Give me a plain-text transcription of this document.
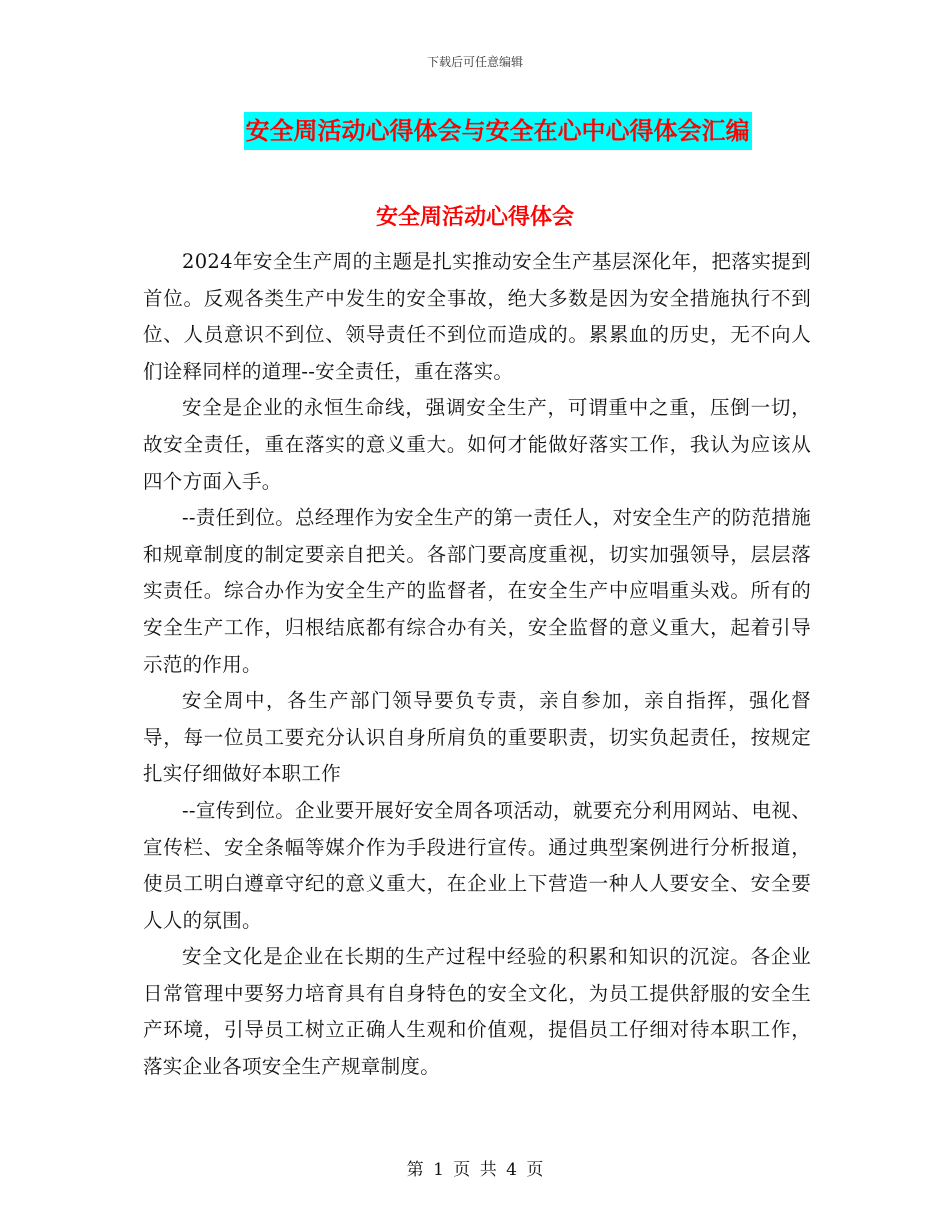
下载后可任意编辑
安全周活动心得体会与安全在心中心得体会汇编
安全周活动心得体会

2024年安全生产周的主题是扎实推动安全生产基层深化年，把落实提到首位。反观各类生产中发生的安全事故，绝大多数是因为安全措施执行不到位、人员意识不到位、领导责任不到位而造成的。累累血的历史，无不向人们诠释同样的道理--安全责任，重在落实。

安全是企业的永恒生命线，强调安全生产，可谓重中之重，压倒一切，故安全责任，重在落实的意义重大。如何才能做好落实工作，我认为应该从四个方面入手。

--责任到位。总经理作为安全生产的第一责任人，对安全生产的防范措施和规章制度的制定要亲自把关。各部门要高度重视，切实加强领导，层层落实责任。综合办作为安全生产的监督者，在安全生产中应唱重头戏。所有的安全生产工作，归根结底都有综合办有关，安全监督的意义重大，起着引导示范的作用。

安全周中，各生产部门领导要负专责，亲自参加，亲自指挥，强化督导，每一位员工要充分认识自身所肩负的重要职责，切实负起责任，按规定扎实仔细做好本职工作

--宣传到位。企业要开展好安全周各项活动，就要充分利用网站、电视、宣传栏、安全条幅等媒介作为手段进行宣传。通过典型案例进行分析报道，使员工明白遵章守纪的意义重大，在企业上下营造一种人人要安全、安全要人人的氛围。

安全文化是企业在长期的生产过程中经验的积累和知识的沉淀。各企业日常管理中要努力培育具有自身特色的安全文化，为员工提供舒服的安全生产环境，引导员工树立正确人生观和价值观，提倡员工仔细对待本职工作，落实企业各项安全生产规章制度。

第 1 页 共 4 页
